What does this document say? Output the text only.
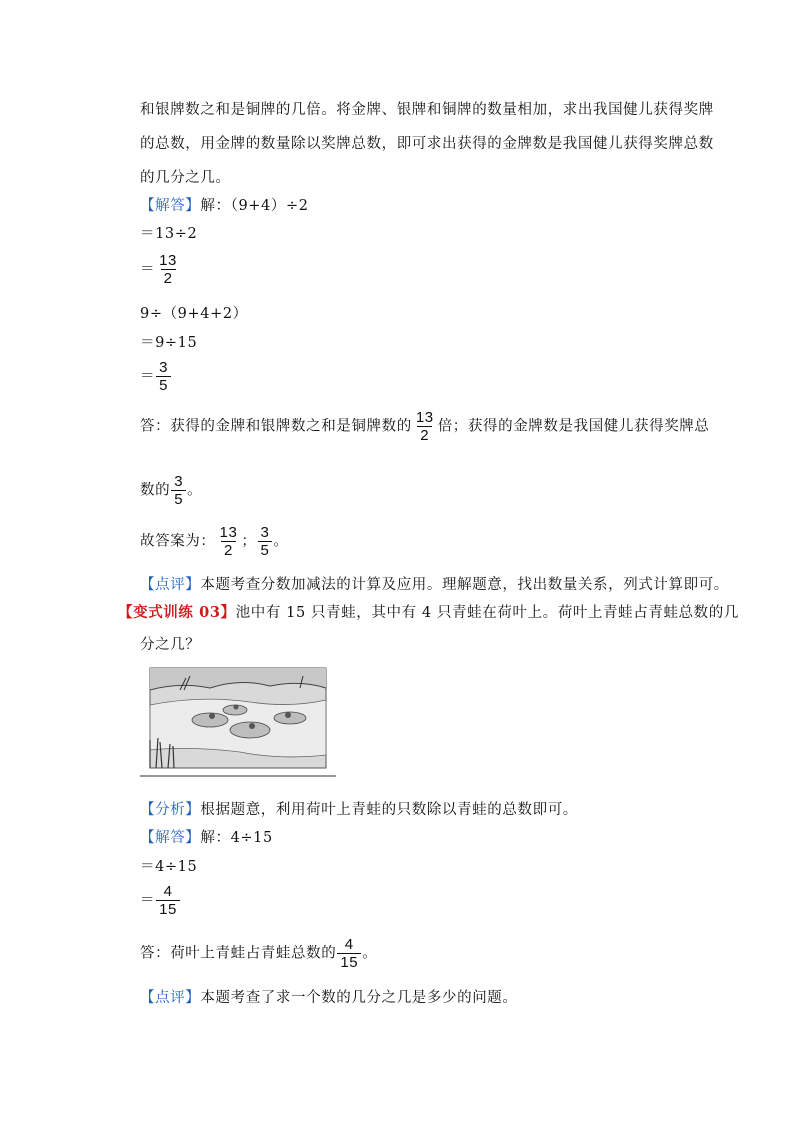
和银牌数之和是铜牌的几倍。将金牌、银牌和铜牌的数量相加，求出我国健儿获得奖牌
的总数，用金牌的数量除以奖牌总数，即可求出获得的金牌数是我国健儿获得奖牌总数
的几分之几。
【解答】解：（9+4）÷2
＝13÷2
＝ $\frac{13}{2}$
9÷（9+4+2）
＝9÷15
＝ $\frac{3}{5}$
答：获得的金牌和银牌数之和是铜牌数的 $\frac{13}{2}$ 倍；获得的金牌数是我国健儿获得奖牌总
数的 $\frac{3}{5}$ 。
故答案为： $\frac{13}{2}$ ； $\frac{3}{5}$ 。
【点评】本题考查分数加减法的计算及应用。理解题意，找出数量关系，列式计算即可。
【变式训练 03】池中有 15 只青蛙，其中有 4 只青蛙在荷叶上。荷叶上青蛙占青蛙总数的几
分之几？
【分析】根据题意，利用荷叶上青蛙的只数除以青蛙的总数即可。
【解答】解：4÷15
＝4÷15
＝ $\frac{4}{15}$
答：荷叶上青蛙占青蛙总数的 $\frac{4}{15}$ 。
【点评】本题考查了求一个数的几分之几是多少的问题。
